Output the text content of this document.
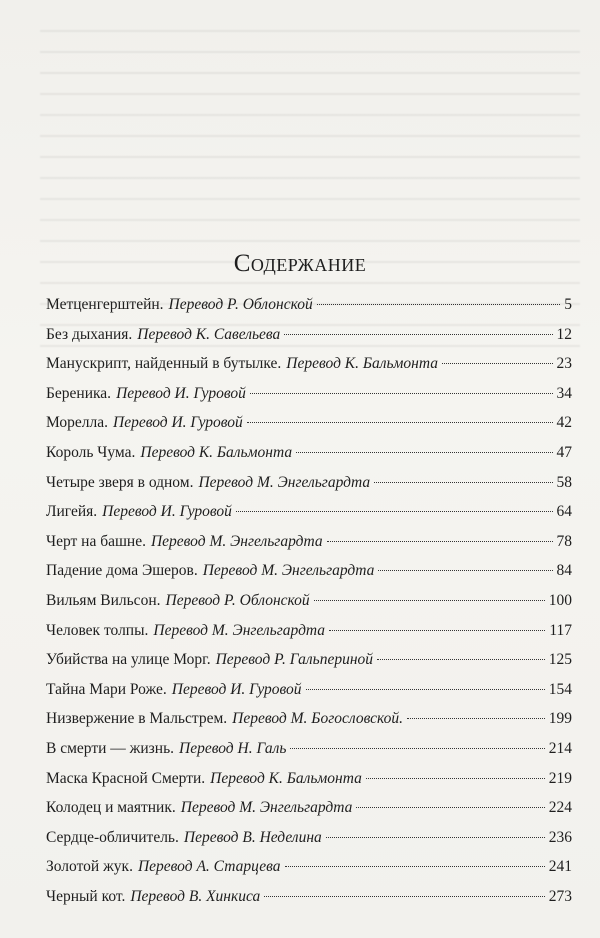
Содержание
Метценгерштейн. Перевод Р. Облонской	5
Без дыхания. Перевод К. Савельева	12
Манускрипт, найденный в бутылке. Перевод К. Бальмонта	23
Береника. Перевод И. Гуровой	34
Морелла. Перевод И. Гуровой	42
Король Чума. Перевод К. Бальмонта	47
Четыре зверя в одном. Перевод М. Энгельгардта	58
Лигейя. Перевод И. Гуровой	64
Черт на башне. Перевод М. Энгельгардта	78
Падение дома Эшеров. Перевод М. Энгельгардта	84
Вильям Вильсон. Перевод Р. Облонской	100
Человек толпы. Перевод М. Энгельгардта	117
Убийства на улице Морг. Перевод Р. Гальпериной	125
Тайна Мари Роже. Перевод И. Гуровой	154
Низвержение в Мальстрем. Перевод М. Богословской.	199
В смерти — жизнь. Перевод Н. Галь	214
Маска Красной Смерти. Перевод К. Бальмонта	219
Колодец и маятник. Перевод М. Энгельгардта	224
Сердце-обличитель. Перевод В. Неделина	236
Золотой жук. Перевод А. Старцева	241
Черный кот. Перевод В. Хинкиса	273
